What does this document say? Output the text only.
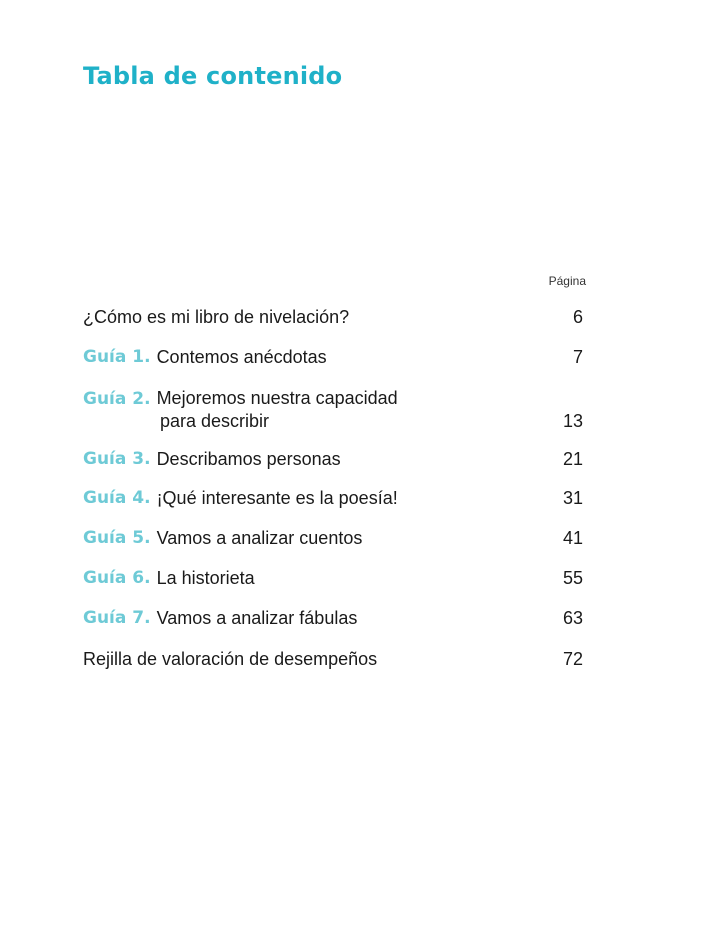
Tabla de contenido
Página
¿Cómo es mi libro de nivelación?	6
Guía 1. Contemos anécdotas	7
Guía 2. Mejoremos nuestra capacidad
para describir	13
Guía 3. Describamos personas	21
Guía 4. ¡Qué interesante es la poesía!	31
Guía 5. Vamos a analizar cuentos	41
Guía 6. La historieta	55
Guía 7. Vamos a analizar fábulas	63
Rejilla de valoración de desempeños	72
